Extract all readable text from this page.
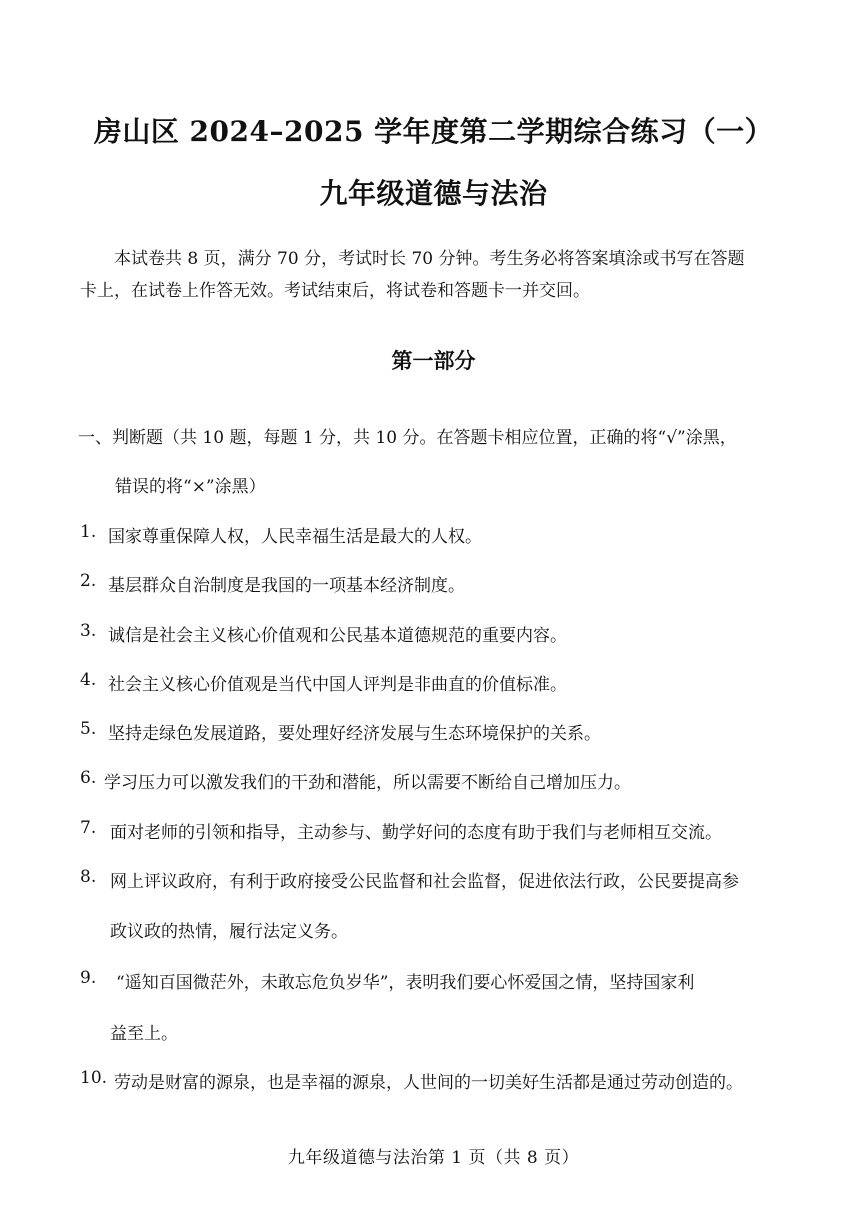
房山区 2024–2025 学年度第二学期综合练习（一）
九年级道德与法治
本试卷共 8 页，满分 70 分，考试时长 70 分钟。考生务必将答案填涂或书写在答题
卡上，在试卷上作答无效。考试结束后，将试卷和答题卡一并交回。
第一部分
一、判断题（共 10 题，每题 1 分，共 10 分。在答题卡相应位置，正确的将“√”涂黑，
错误的将“×”涂黑）
1. 国家尊重保障人权，人民幸福生活是最大的人权。
2. 基层群众自治制度是我国的一项基本经济制度。
3. 诚信是社会主义核心价值观和公民基本道德规范的重要内容。
4. 社会主义核心价值观是当代中国人评判是非曲直的价值标准。
5. 坚持走绿色发展道路，要处理好经济发展与生态环境保护的关系。
6. 学习压力可以激发我们的干劲和潜能，所以需要不断给自己增加压力。
7. 面对老师的引领和指导，主动参与、勤学好问的态度有助于我们与老师相互交流。
8. 网上评议政府，有利于政府接受公民监督和社会监督，促进依法行政，公民要提高参
政议政的热情，履行法定义务。
9. “遥知百国微茫外，未敢忘危负岁华”，表明我们要心怀爱国之情，坚持国家利
益至上。
10. 劳动是财富的源泉，也是幸福的源泉，人世间的一切美好生活都是通过劳动创造的。
九年级道德与法治第 1 页（共 8 页）
